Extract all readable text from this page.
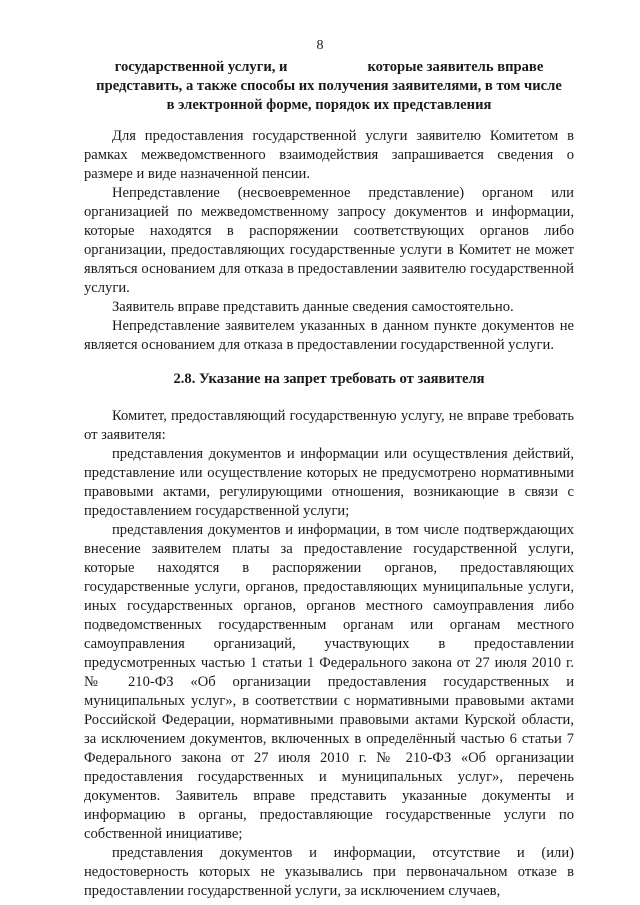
8
государственной услуги, и	которые заявитель вправе
представить, а также способы их получения заявителями, в том числе
в электронной форме, порядок их представления

Для предоставления государственной услуги заявителю Комитетом в рамках межведомственного взаимодействия запрашивается сведения о размере и виде назначенной пенсии.

Непредставление (несвоевременное представление) органом или организацией по межведомственному запросу документов и информации, которые находятся в распоряжении соответствующих органов либо организации, предоставляющих государственные услуги в Комитет не может являться основанием для отказа в предоставлении заявителю государственной услуги.

Заявитель вправе представить данные сведения самостоятельно.

Непредставление заявителем указанных в данном пункте документов не является основанием для отказа в предоставлении государственной услуги.

2.8. Указание на запрет требовать от заявителя

Комитет, предоставляющий государственную услугу, не вправе требовать от заявителя:

представления документов и информации или осуществления действий, представление или осуществление которых не предусмотрено нормативными правовыми актами, регулирующими отношения, возникающие в связи с предоставлением государственной услуги;

представления документов и информации, в том числе подтверждающих внесение заявителем платы за предоставление государственной услуги, которые находятся в распоряжении органов, предоставляющих государственные услуги, органов, предоставляющих муниципальные услуги, иных государственных органов, органов местного самоуправления либо подведомственных государственным органам или органам местного самоуправления организаций, участвующих в предоставлении предусмотренных частью 1 статьи 1 Федерального закона от 27 июля 2010 г. № 210-ФЗ «Об организации предоставления государственных и муниципальных услуг», в соответствии с нормативными правовыми актами Российской Федерации, нормативными правовыми актами Курской области, за исключением документов, включенных в определённый частью 6 статьи 7 Федерального закона от 27 июля 2010 г. № 210-ФЗ «Об организации предоставления государственных и муниципальных услуг», перечень документов. Заявитель вправе представить указанные документы и информацию в органы, предоставляющие государственные услуги по собственной инициативе;

представления документов и информации, отсутствие и (или) недостоверность которых не указывались при первоначальном отказе в предоставлении государственной услуги, за исключением случаев,
